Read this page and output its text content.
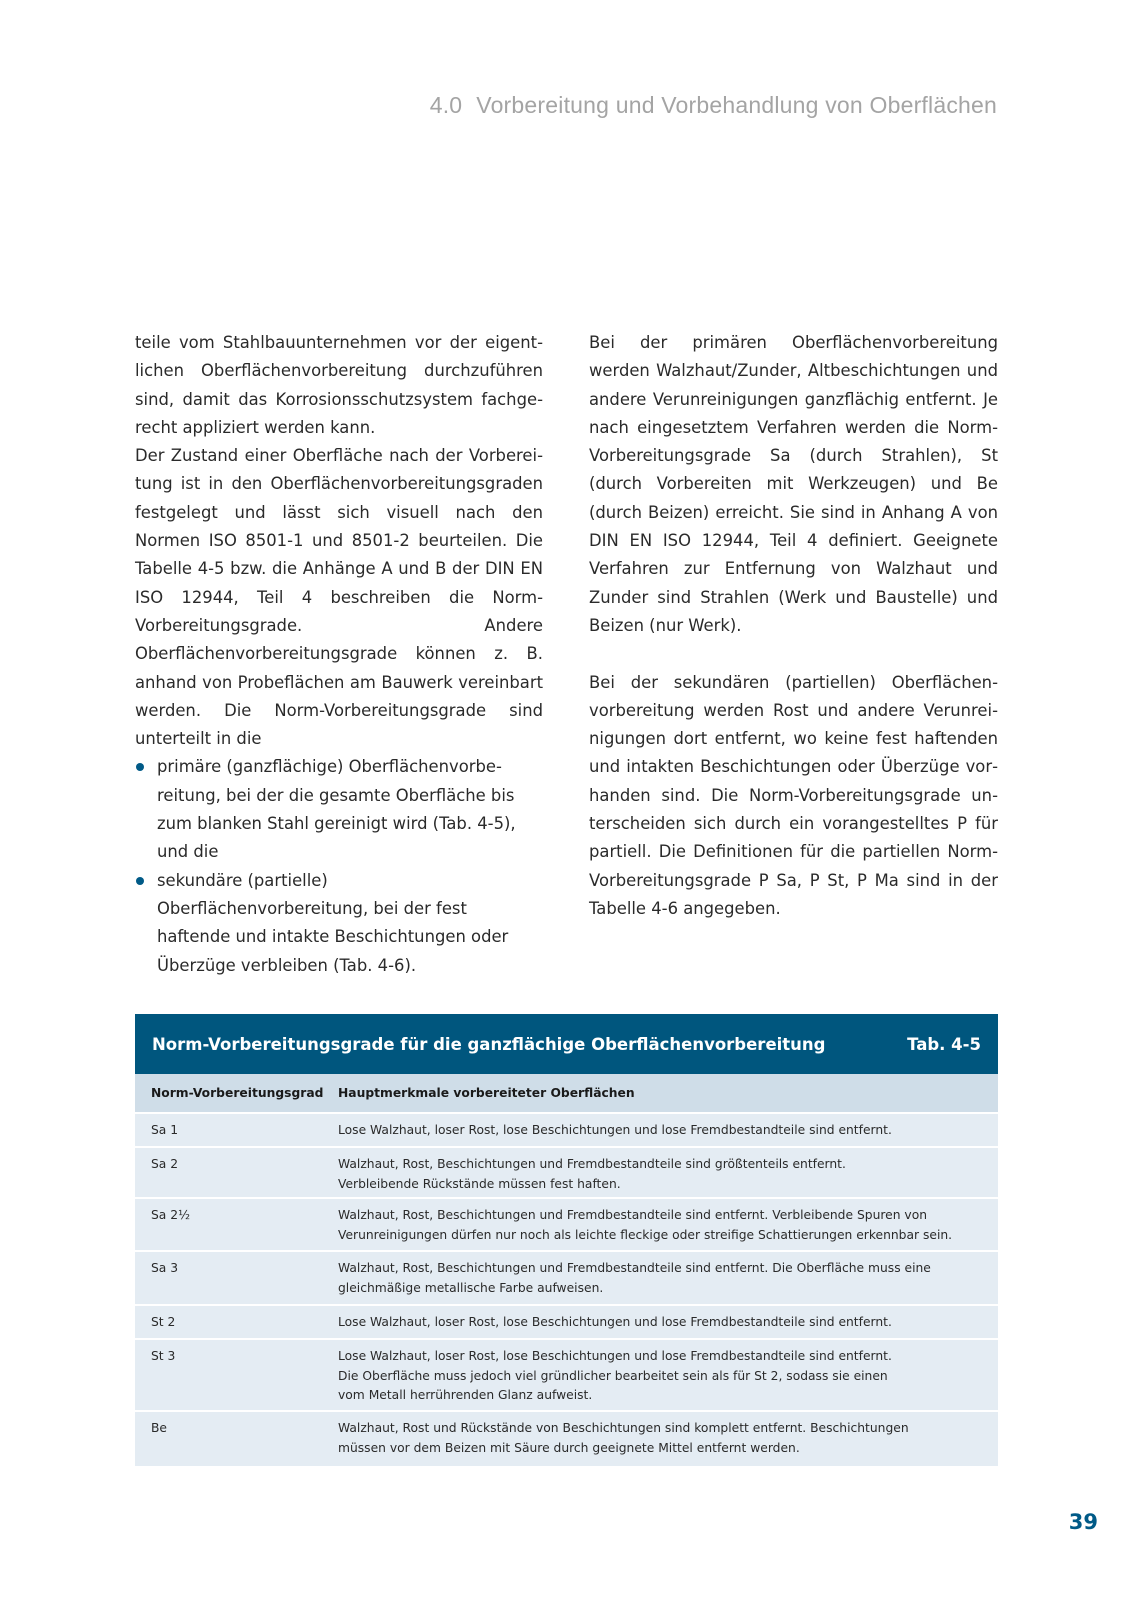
4.0 Vorbereitung und Vorbehandlung von Oberflächen

teile vom Stahlbauunternehmen vor der eigentlichen Oberflächenvorbereitung durchzuführen sind, damit das Korrosionsschutzsystem fachgerecht appliziert werden kann.

Der Zustand einer Oberfläche nach der Vorbereitung ist in den Oberflächenvorbereitungsgraden festgelegt und lässt sich visuell nach den Normen ISO 8501-1 und 8501-2 beurteilen. Die Tabelle 4-5 bzw. die Anhänge A und B der DIN EN ISO 12944, Teil 4 beschreiben die Norm-Vorbereitungsgrade. Andere Oberflächenvorbereitungsgrade können z. B. anhand von Probeflächen am Bauwerk vereinbart werden. Die Norm-Vorbereitungsgrade sind unterteilt in die

primäre (ganzflächige) Oberflächenvorbereitung, bei der die gesamte Oberfläche bis zum blanken Stahl gereinigt wird (Tab. 4-5), und die
sekundäre (partielle) Oberflächenvorbereitung, bei der fest haftende und intakte Beschichtungen oder Überzüge verbleiben (Tab. 4-6).

Bei der primären Oberflächenvorbereitung werden Walzhaut/Zunder, Altbeschichtungen und andere Verunreinigungen ganzflächig entfernt. Je nach eingesetztem Verfahren werden die Norm-Vorbereitungsgrade Sa (durch Strahlen), St (durch Vorbereiten mit Werkzeugen) und Be (durch Beizen) erreicht. Sie sind in Anhang A von DIN EN ISO 12944, Teil 4 definiert. Geeignete Verfahren zur Entfernung von Walzhaut und Zunder sind Strahlen (Werk und Baustelle) und Beizen (nur Werk).

Bei der sekundären (partiellen) Oberflächenvorbereitung werden Rost und andere Verunreinigungen dort entfernt, wo keine fest haftenden und intakten Beschichtungen oder Überzüge vorhanden sind. Die Norm-Vorbereitungsgrade unterscheiden sich durch ein vorangestelltes P für partiell. Die Definitionen für die partiellen Norm-Vorbereitungsgrade P Sa, P St, P Ma sind in der Tabelle 4-6 angegeben.

Norm-Vorbereitungsgrade für die ganzflächige Oberflächenvorbereitung	Tab. 4-5
Norm-Vorbereitungsgrad	Hauptmerkmale vorbereiteter Oberflächen
Sa 1	Lose Walzhaut, loser Rost, lose Beschichtungen und lose Fremdbestandteile sind entfernt.
Sa 2	Walzhaut, Rost, Beschichtungen und Fremdbestandteile sind größtenteils entfernt.
Verbleibende Rückstände müssen fest haften.
Sa 2½	Walzhaut, Rost, Beschichtungen und Fremdbestandteile sind entfernt. Verbleibende Spuren von
Verunreinigungen dürfen nur noch als leichte fleckige oder streifige Schattierungen erkennbar sein.
Sa 3	Walzhaut, Rost, Beschichtungen und Fremdbestandteile sind entfernt. Die Oberfläche muss eine
gleichmäßige metallische Farbe aufweisen.
St 2	Lose Walzhaut, loser Rost, lose Beschichtungen und lose Fremdbestandteile sind entfernt.
St 3	Lose Walzhaut, loser Rost, lose Beschichtungen und lose Fremdbestandteile sind entfernt.
Die Oberfläche muss jedoch viel gründlicher bearbeitet sein als für St 2, sodass sie einen
vom Metall herrührenden Glanz aufweist.
Be	Walzhaut, Rost und Rückstände von Beschichtungen sind komplett entfernt. Beschichtungen
müssen vor dem Beizen mit Säure durch geeignete Mittel entfernt werden.
39
